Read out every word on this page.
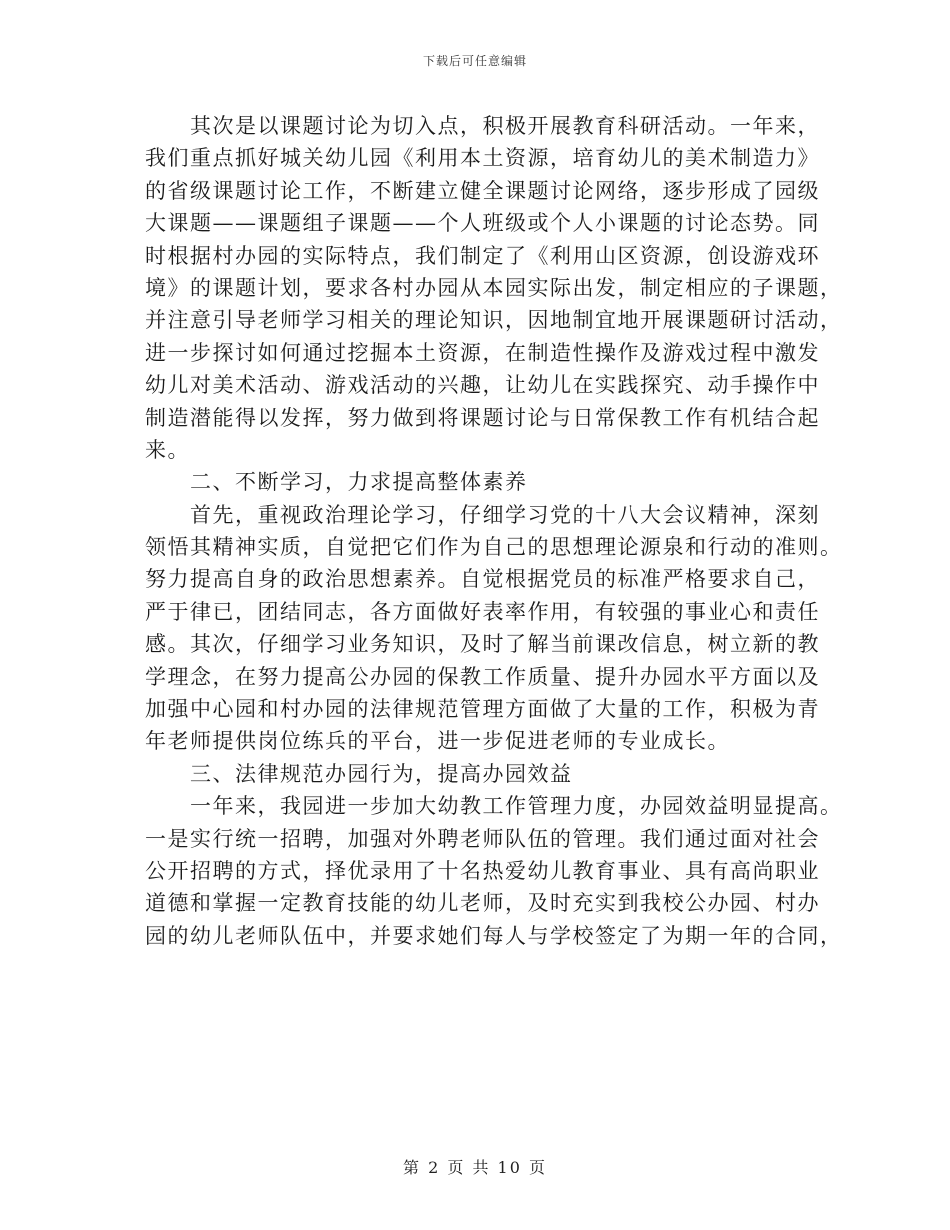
下载后可任意编辑
　　其次是以课题讨论为切入点，积极开展教育科研活动。一年来，
我们重点抓好城关幼儿园《利用本土资源，培育幼儿的美术制造力》
的省级课题讨论工作，不断建立健全课题讨论网络，逐步形成了园级
大课题——课题组子课题——个人班级或个人小课题的讨论态势。同
时根据村办园的实际特点，我们制定了《利用山区资源，创设游戏环
境》的课题计划，要求各村办园从本园实际出发，制定相应的子课题，
并注意引导老师学习相关的理论知识，因地制宜地开展课题研讨活动，
进一步探讨如何通过挖掘本土资源，在制造性操作及游戏过程中激发
幼儿对美术活动、游戏活动的兴趣，让幼儿在实践探究、动手操作中
制造潜能得以发挥，努力做到将课题讨论与日常保教工作有机结合起
来。
　　二、不断学习，力求提高整体素养
　　首先，重视政治理论学习，仔细学习党的十八大会议精神，深刻
领悟其精神实质，自觉把它们作为自己的思想理论源泉和行动的准则。
努力提高自身的政治思想素养。自觉根据党员的标准严格要求自己，
严于律已，团结同志，各方面做好表率作用，有较强的事业心和责任
感。其次，仔细学习业务知识，及时了解当前课改信息，树立新的教
学理念，在努力提高公办园的保教工作质量、提升办园水平方面以及
加强中心园和村办园的法律规范管理方面做了大量的工作，积极为青
年老师提供岗位练兵的平台，进一步促进老师的专业成长。
　　三、法律规范办园行为，提高办园效益
　　一年来，我园进一步加大幼教工作管理力度，办园效益明显提高。
一是实行统一招聘，加强对外聘老师队伍的管理。我们通过面对社会
公开招聘的方式，择优录用了十名热爱幼儿教育事业、具有高尚职业
道德和掌握一定教育技能的幼儿老师，及时充实到我校公办园、村办
园的幼儿老师队伍中，并要求她们每人与学校签定了为期一年的合同，
第 2 页 共 10 页
